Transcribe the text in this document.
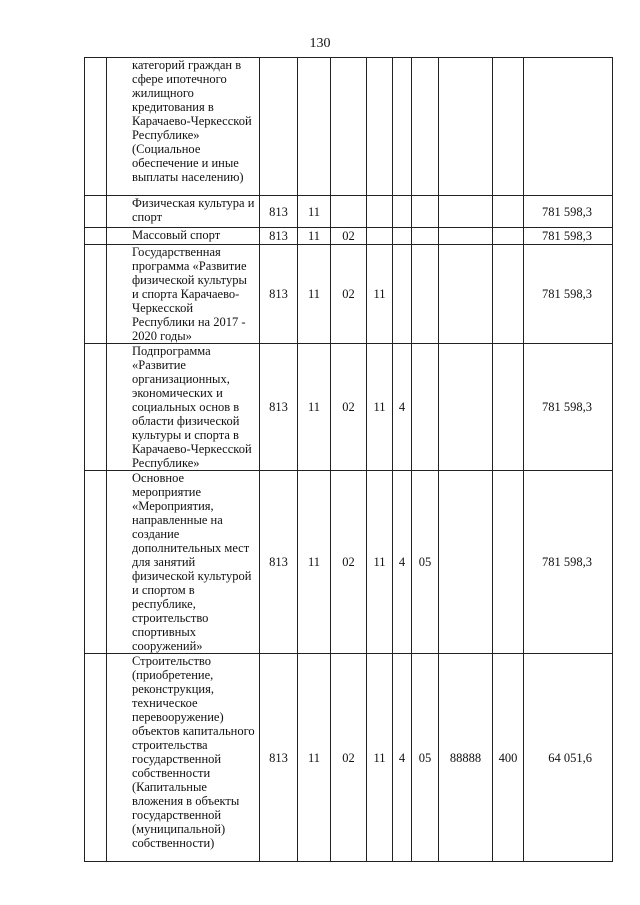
130
	категорий граждан в сфере ипотечного жилищного кредитования в Карачаево-Черкесской Республике» (Социальное обеспечение и иные выплаты населению)									
	Физическая культура и спорт	813	11							781 598,3
	Массовый спорт	813	11	02						781 598,3
	Государственная программа «Развитие физической культуры и спорта Карачаево-Черкесской Республики на 2017 - 2020 годы»	813	11	02	11					781 598,3
	Подпрограмма «Развитие организационных, экономических и социальных основ в области физической культуры и спорта в Карачаево-Черкесской Республике»	813	11	02	11	4				781 598,3
	Основное мероприятие «Мероприятия, направленные на создание дополнительных мест для занятий физической культурой и спортом в республике, строительство спортивных сооружений»	813	11	02	11	4	05			781 598,3
	Строительство (приобретение, реконструкция, техническое перевооружение) объектов капитального строительства государственной собственности (Капитальные вложения в объекты государственной (муниципальной) собственности)	813	11	02	11	4	05	88888	400	64 051,6
